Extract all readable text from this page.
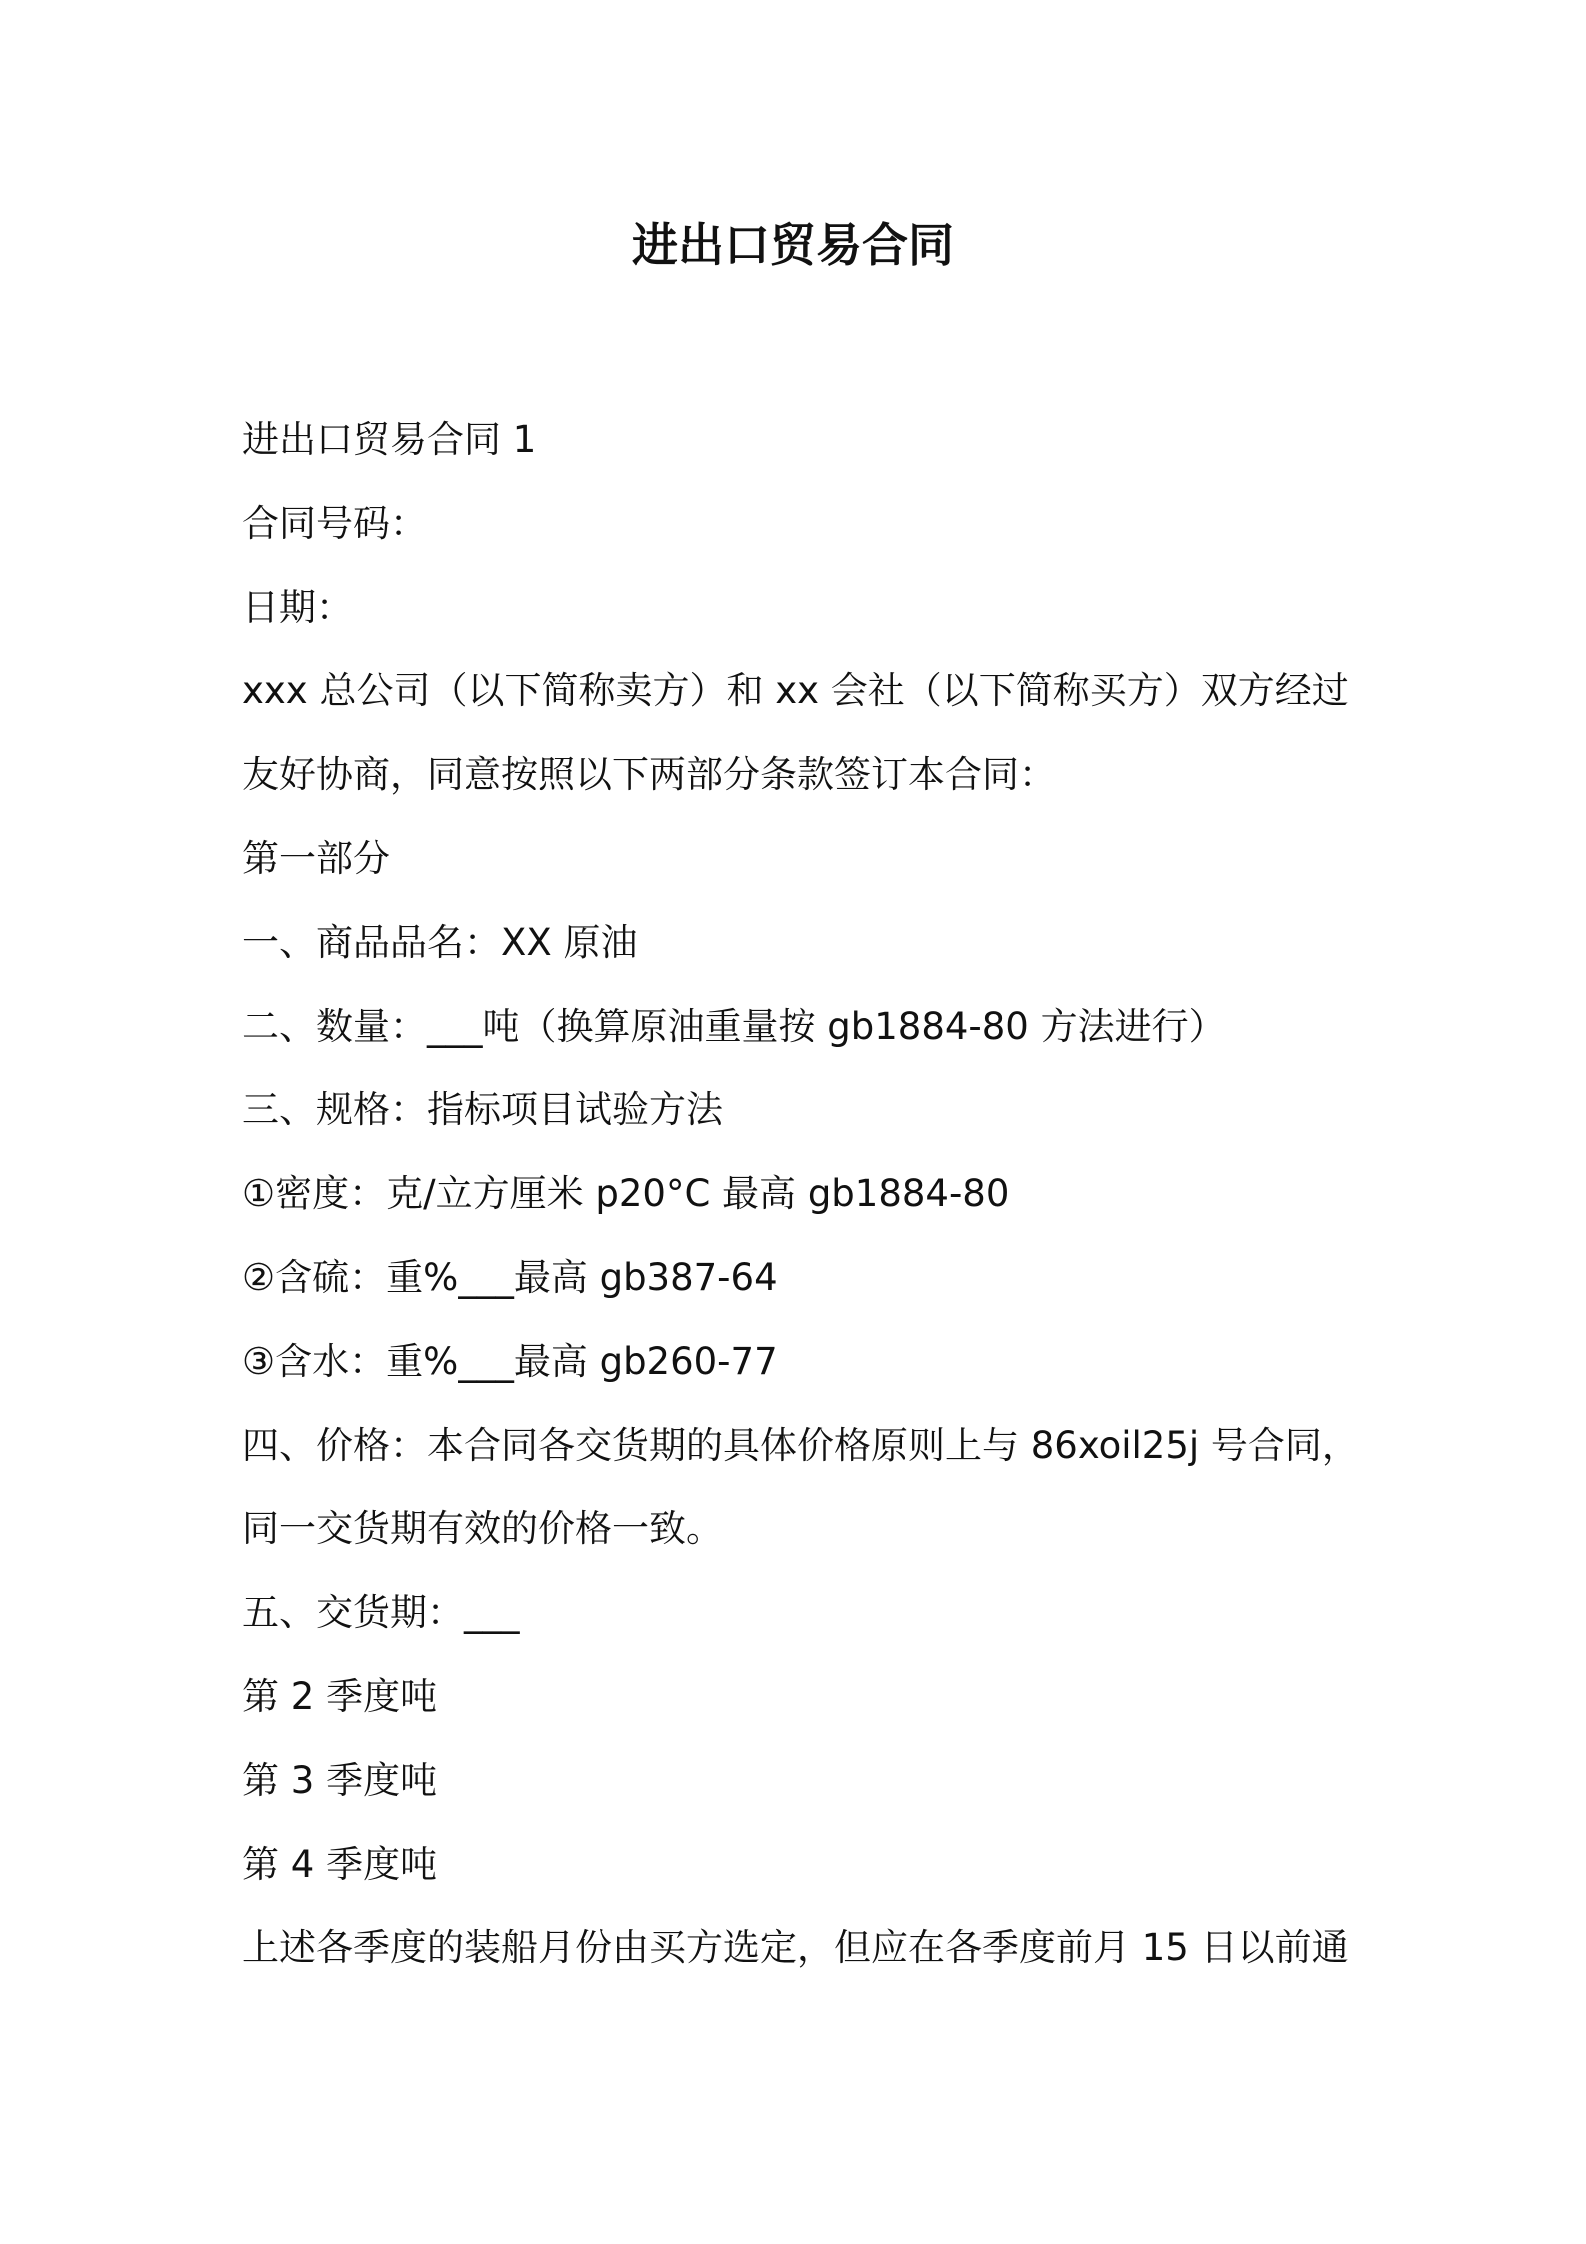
进出口贸易合同
进出口贸易合同 1
合同号码：
日期：
xxx 总公司（以下简称卖方）和 xx 会社（以下简称买方）双方经过
友好协商，同意按照以下两部分条款签订本合同：
第一部分
一、商品品名：XX 原油
二、数量：___吨（换算原油重量按 gb1884-80 方法进行）
三、规格：指标项目试验方法
①密度：克/立方厘米 p20°C 最高 gb1884-80
②含硫：重%___最高 gb387-64
③含水：重%___最高 gb260-77
四、价格：本合同各交货期的具体价格原则上与 86xoil25j 号合同，
同一交货期有效的价格一致。
五、交货期：___
第 2 季度吨
第 3 季度吨
第 4 季度吨
上述各季度的装船月份由买方选定，但应在各季度前月 15 日以前通
